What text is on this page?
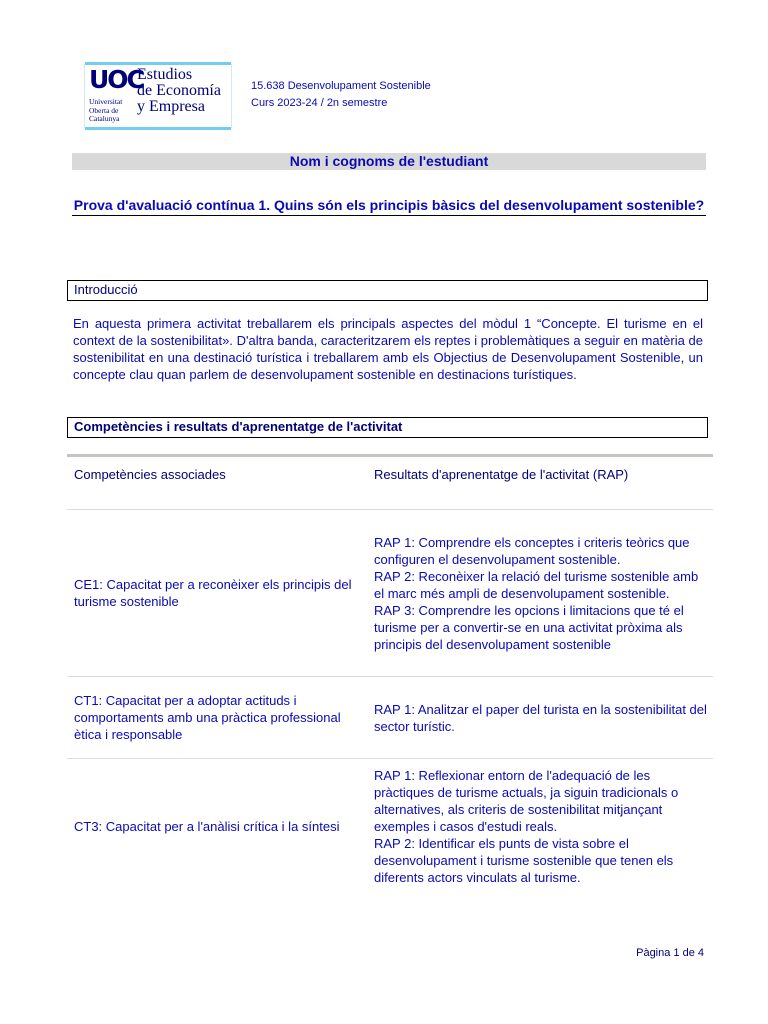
UOC
Universitat Oberta de Catalunya
Estudios
de Economía
y Empresa
15.638 Desenvolupament Sostenible
Curs 2023-24 / 2n semestre
Nom i cognoms de l'estudiant
Prova d'avaluació contínua 1. Quins són els principis bàsics del desenvolupament sostenible?
Introducció
En aquesta primera activitat treballarem els principals aspectes del mòdul 1 “Concepte. El turisme en el context de la sostenibilitat». D'altra banda, caracteritzarem els reptes i problemàtiques a seguir en matèria de sostenibilitat en una destinació turística i treballarem amb els Objectius de Desenvolupament Sostenible, un concepte clau quan parlem de desenvolupament sostenible en destinacions turístiques.
Competències i resultats d'aprenentatge de l'activitat
Competències associades	Resultats d'aprenentatge de l'activitat (RAP)
CE1: Capacitat per a reconèixer els principis del turisme sostenible
RAP 1: Comprendre els conceptes i criteris teòrics que configuren el desenvolupament sostenible.
RAP 2: Reconèixer la relació del turisme sostenible amb el marc més ampli de desenvolupament sostenible.
RAP 3: Comprendre les opcions i limitacions que té el turisme per a convertir-se en una activitat pròxima als principis del desenvolupament sostenible
CT1: Capacitat per a adoptar actituds i comportaments amb una pràctica professional ètica i responsable
RAP 1: Analitzar el paper del turista en la sostenibilitat del sector turístic.
CT3: Capacitat per a l'anàlisi crítica i la síntesi
RAP 1: Reflexionar entorn de l'adequació de les pràctiques de turisme actuals, ja siguin tradicionals o alternatives, als criteris de sostenibilitat mitjançant exemples i casos d'estudi reals.
RAP 2: Identificar els punts de vista sobre el desenvolupament i turisme sostenible que tenen els diferents actors vinculats al turisme.
Pàgina 1 de 4
